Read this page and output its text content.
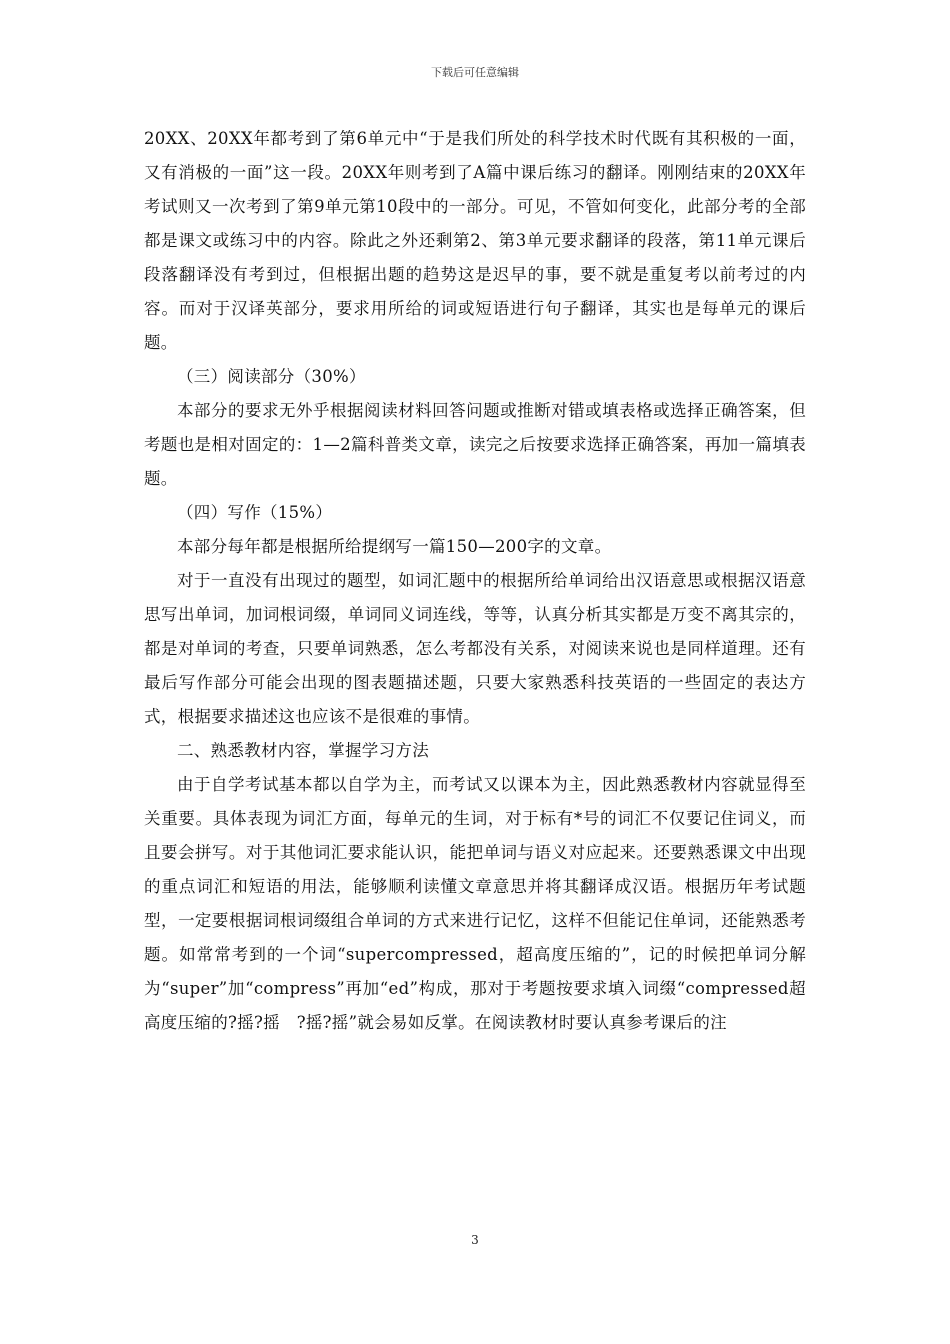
下载后可任意编辑

20XX、20XX年都考到了第6单元中“于是我们所处的科学技术时代既有其积极的一面，又有消极的一面”这一段。20XX年则考到了A篇中课后练习的翻译。刚刚结束的20XX年考试则又一次考到了第9单元第10段中的一部分。可见，不管如何变化，此部分考的全部都是课文或练习中的内容。除此之外还剩第2、第3单元要求翻译的段落，第11单元课后段落翻译没有考到过，但根据出题的趋势这是迟早的事，要不就是重复考以前考过的内容。而对于汉译英部分，要求用所给的词或短语进行句子翻译，其实也是每单元的课后题。

（三）阅读部分（30%）

本部分的要求无外乎根据阅读材料回答问题或推断对错或填表格或选择正确答案，但考题也是相对固定的：1—2篇科普类文章，读完之后按要求选择正确答案，再加一篇填表题。

（四）写作（15%）

本部分每年都是根据所给提纲写一篇150—200字的文章。

对于一直没有出现过的题型，如词汇题中的根据所给单词给出汉语意思或根据汉语意思写出单词，加词根词缀，单词同义词连线，等等，认真分析其实都是万变不离其宗的，都是对单词的考查，只要单词熟悉，怎么考都没有关系，对阅读来说也是同样道理。还有最后写作部分可能会出现的图表题描述题，只要大家熟悉科技英语的一些固定的表达方式，根据要求描述这也应该不是很难的事情。

二、熟悉教材内容，掌握学习方法

由于自学考试基本都以自学为主，而考试又以课本为主，因此熟悉教材内容就显得至关重要。具体表现为词汇方面，每单元的生词，对于标有*号的词汇不仅要记住词义，而且要会拼写。对于其他词汇要求能认识，能把单词与语义对应起来。还要熟悉课文中出现的重点词汇和短语的用法，能够顺利读懂文章意思并将其翻译成汉语。根据历年考试题型，一定要根据词根词缀组合单词的方式来进行记忆，这样不但能记住单词，还能熟悉考题。如常常考到的一个词“supercompressed，超高度压缩的”，记的时候把单词分解为“super”加“compress”再加“ed”构成，那对于考题按要求填入词缀“compressed超高度压缩的?摇?摇　?摇?摇”就会易如反掌。在阅读教材时要认真参考课后的注

3
